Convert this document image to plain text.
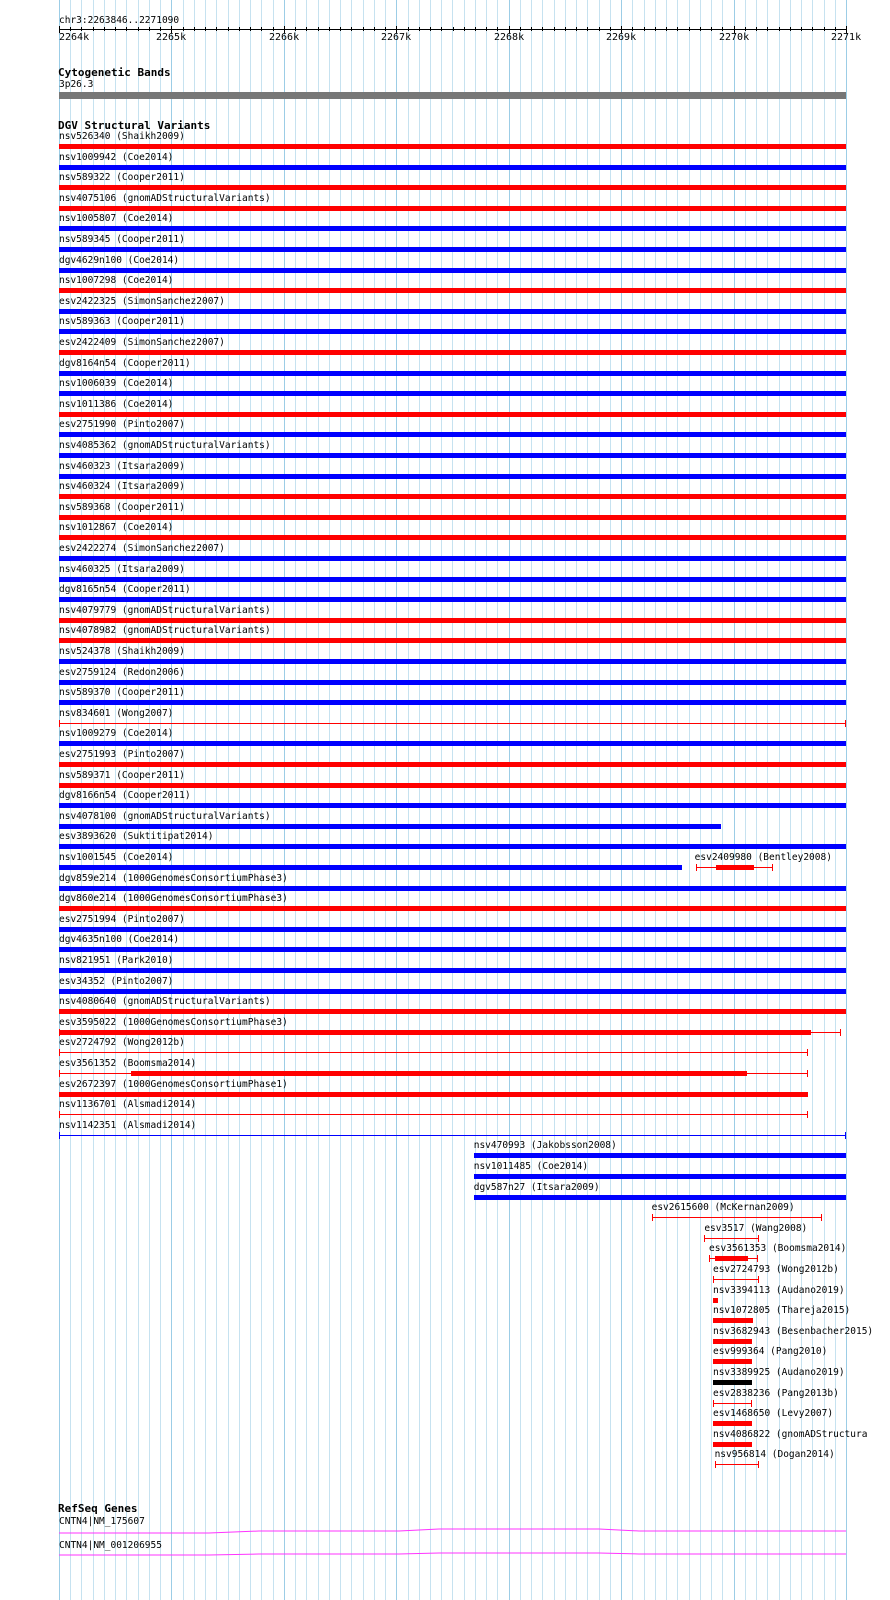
chr3:2263846..2271090
2264k	2265k	2266k	2267k	2268k	2269k	2270k	2271k
Cytogenetic Bands
3p26.3
DGV Structural Variants
nsv526340 (Shaikh2009)
nsv1009942 (Coe2014)
nsv589322 (Cooper2011)
nsv4075106 (gnomADStructuralVariants)
nsv1005807 (Coe2014)
nsv589345 (Cooper2011)
dgv4629n100 (Coe2014)
nsv1007298 (Coe2014)
esv2422325 (SimonSanchez2007)
nsv589363 (Cooper2011)
esv2422409 (SimonSanchez2007)
dgv8164n54 (Cooper2011)
nsv1006039 (Coe2014)
nsv1011386 (Coe2014)
esv2751990 (Pinto2007)
nsv4085362 (gnomADStructuralVariants)
nsv460323 (Itsara2009)
nsv460324 (Itsara2009)
nsv589368 (Cooper2011)
nsv1012867 (Coe2014)
esv2422274 (SimonSanchez2007)
nsv460325 (Itsara2009)
dgv8165n54 (Cooper2011)
nsv4079779 (gnomADStructuralVariants)
nsv4078982 (gnomADStructuralVariants)
nsv524378 (Shaikh2009)
esv2759124 (Redon2006)
nsv589370 (Cooper2011)
nsv834601 (Wong2007)
nsv1009279 (Coe2014)
esv2751993 (Pinto2007)
nsv589371 (Cooper2011)
dgv8166n54 (Cooper2011)
nsv4078100 (gnomADStructuralVariants)
esv3893620 (Suktitipat2014)
nsv1001545 (Coe2014)	esv2409980 (Bentley2008)
dgv859e214 (1000GenomesConsortiumPhase3)
dgv860e214 (1000GenomesConsortiumPhase3)
esv2751994 (Pinto2007)
dgv4635n100 (Coe2014)
nsv821951 (Park2010)
esv34352 (Pinto2007)
nsv4080640 (gnomADStructuralVariants)
esv3595022 (1000GenomesConsortiumPhase3)
esv2724792 (Wong2012b)
esv3561352 (Boomsma2014)
esv2672397 (1000GenomesConsortiumPhase1)
nsv1136701 (Alsmadi2014)
nsv1142351 (Alsmadi2014)
nsv470993 (Jakobsson2008)
nsv1011485 (Coe2014)
dgv587n27 (Itsara2009)
esv2615600 (McKernan2009)
esv3517 (Wang2008)
esv3561353 (Boomsma2014)
esv2724793 (Wong2012b)
nsv3394113 (Audano2019)
nsv1072805 (Thareja2015)
nsv3682943 (Besenbacher2015)
esv999364 (Pang2010)
nsv3389925 (Audano2019)
esv2838236 (Pang2013b)
esv1468650 (Levy2007)
nsv4086822 (gnomADStructura
nsv956814 (Dogan2014)
RefSeq Genes
CNTN4|NM_175607
CNTN4|NM_001206955
